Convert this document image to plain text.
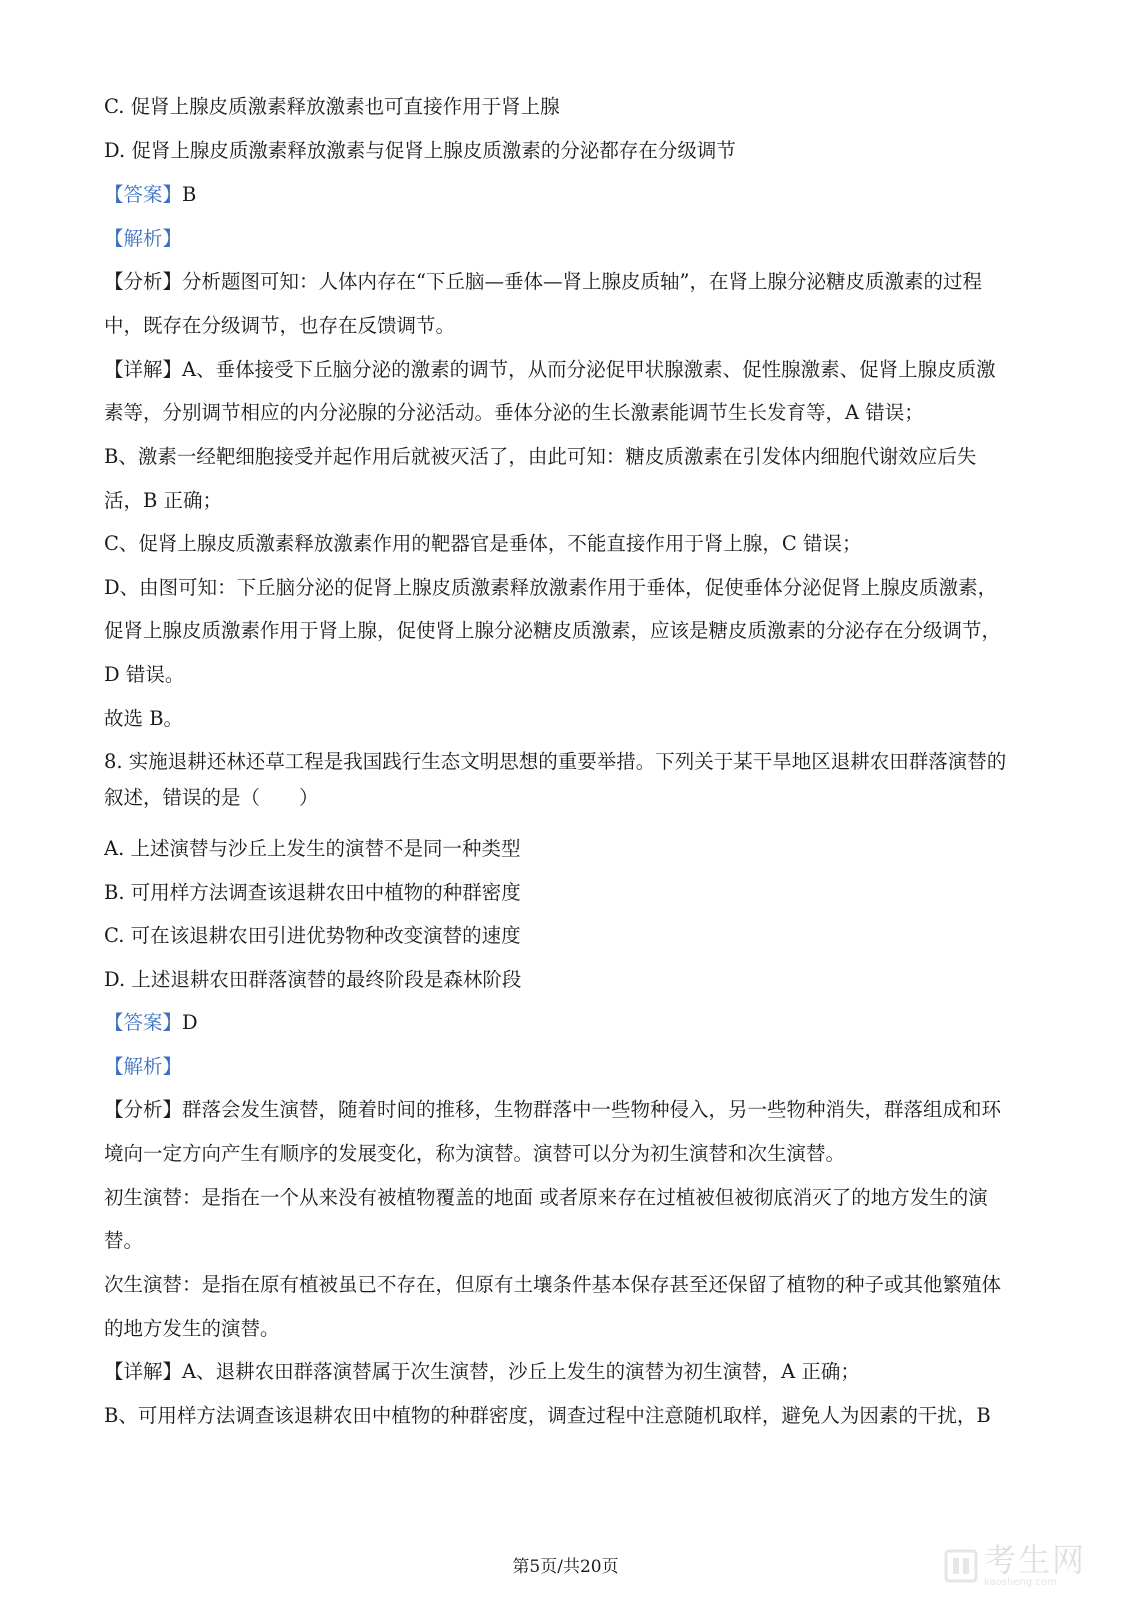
C. 促肾上腺皮质激素释放激素也可直接作用于肾上腺
D. 促肾上腺皮质激素释放激素与促肾上腺皮质激素的分泌都存在分级调节
【答案】B
【解析】
【分析】分析题图可知：人体内存在“下丘脑—垂体—肾上腺皮质轴”，在肾上腺分泌糖皮质激素的过程
中，既存在分级调节，也存在反馈调节。
【详解】A、垂体接受下丘脑分泌的激素的调节，从而分泌促甲状腺激素、促性腺激素、促肾上腺皮质激
素等，分别调节相应的内分泌腺的分泌活动。垂体分泌的生长激素能调节生长发育等，A 错误；
B、激素一经靶细胞接受并起作用后就被灭活了，由此可知：糖皮质激素在引发体内细胞代谢效应后失
活，B 正确；
C、促肾上腺皮质激素释放激素作用的靶器官是垂体，不能直接作用于肾上腺，C 错误；
D、由图可知：下丘脑分泌的促肾上腺皮质激素释放激素作用于垂体，促使垂体分泌促肾上腺皮质激素，
促肾上腺皮质激素作用于肾上腺，促使肾上腺分泌糖皮质激素，应该是糖皮质激素的分泌存在分级调节，
D 错误。
故选 B。
8. 实施退耕还林还草工程是我国践行生态文明思想的重要举措。下列关于某干旱地区退耕农田群落演替的
叙述，错误的是（　　）
A. 上述演替与沙丘上发生的演替不是同一种类型
B. 可用样方法调查该退耕农田中植物的种群密度
C. 可在该退耕农田引进优势物种改变演替的速度
D. 上述退耕农田群落演替的最终阶段是森林阶段
【答案】D
【解析】
【分析】群落会发生演替，随着时间的推移，生物群落中一些物种侵入，另一些物种消失，群落组成和环
境向一定方向产生有顺序的发展变化，称为演替。演替可以分为初生演替和次生演替。
初生演替：是指在一个从来没有被植物覆盖的地面 或者原来存在过植被但被彻底消灭了的地方发生的演
替。
次生演替：是指在原有植被虽已不存在，但原有土壤条件基本保存甚至还保留了植物的种子或其他繁殖体
的地方发生的演替。
【详解】A、退耕农田群落演替属于次生演替，沙丘上发生的演替为初生演替，A 正确；
B、可用样方法调查该退耕农田中植物的种群密度，调查过程中注意随机取样，避免人为因素的干扰，B
第5页/共20页	考生网
kaosheng.com
